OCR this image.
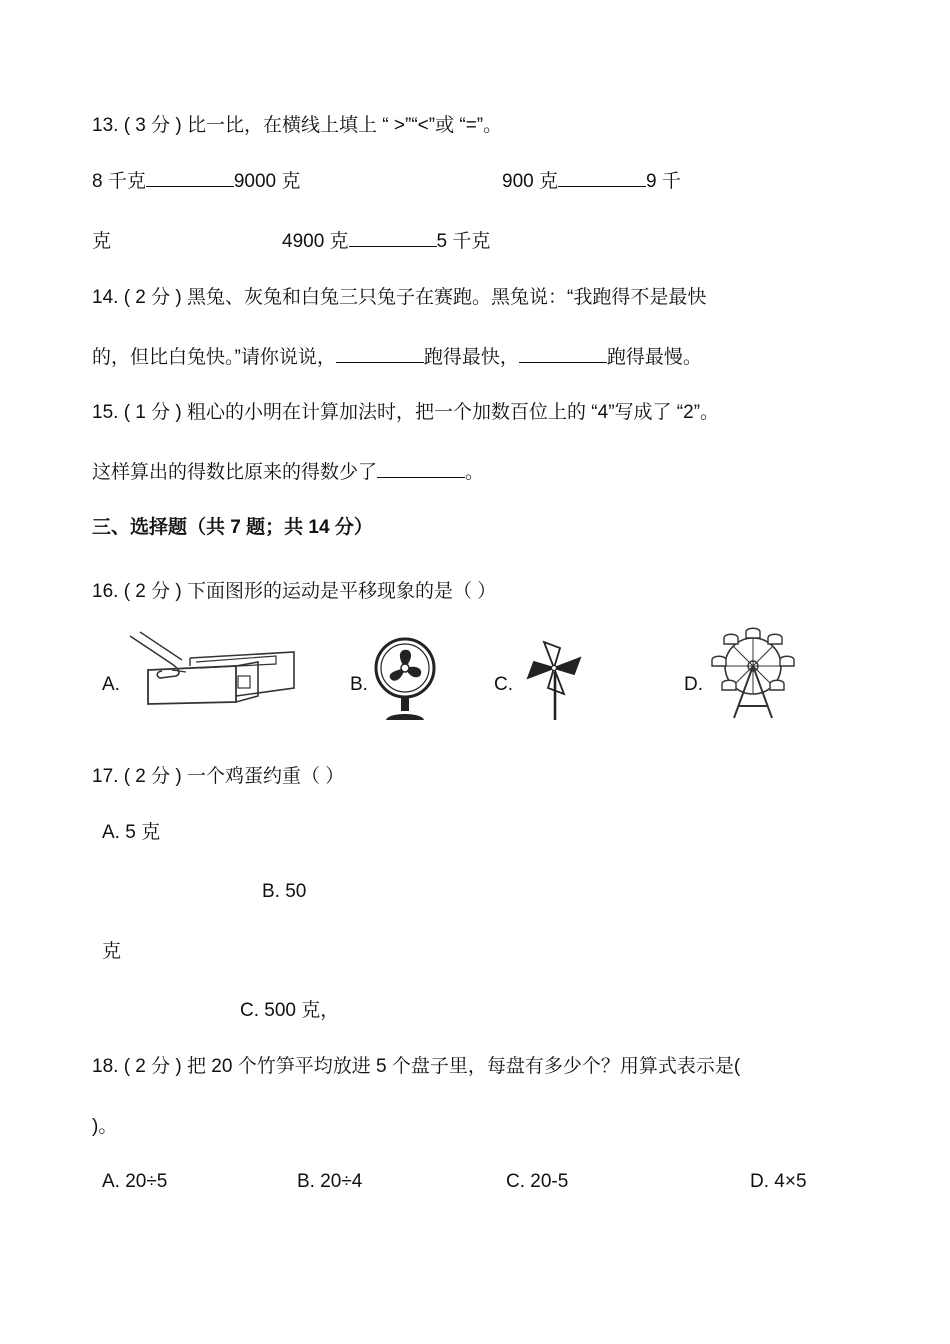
13. ( 3 分 ) 比一比，在横线上填上 “ >”“<”或 “=”。
8 千克	9000 克	900 克	9 千
克	4900 克	5 千克
14. ( 2 分 ) 黑兔、灰兔和白兔三只兔子在赛跑。黑兔说：“我跑得不是最快
的，但比白兔快。”请你说说，	跑得最快，	跑得最慢。
15. ( 1 分 ) 粗心的小明在计算加法时，把一个加数百位上的 “4”写成了 “2”。
这样算出的得数比原来的得数少了	。
三、选择题（共 7 题；共 14 分）
16. ( 2 分 ) 下面图形的运动是平移现象的是（ ）
A.	B.	C.	D.
17. ( 2 分 ) 一个鸡蛋约重（ ）
A. 5 克
B. 50
克
C. 500 克，
18. ( 2 分 ) 把 20 个竹笋平均放进 5 个盘子里，每盘有多少个？用算式表示是(
)。
A. 20÷5	B. 20÷4	C. 20-5	D. 4×5
